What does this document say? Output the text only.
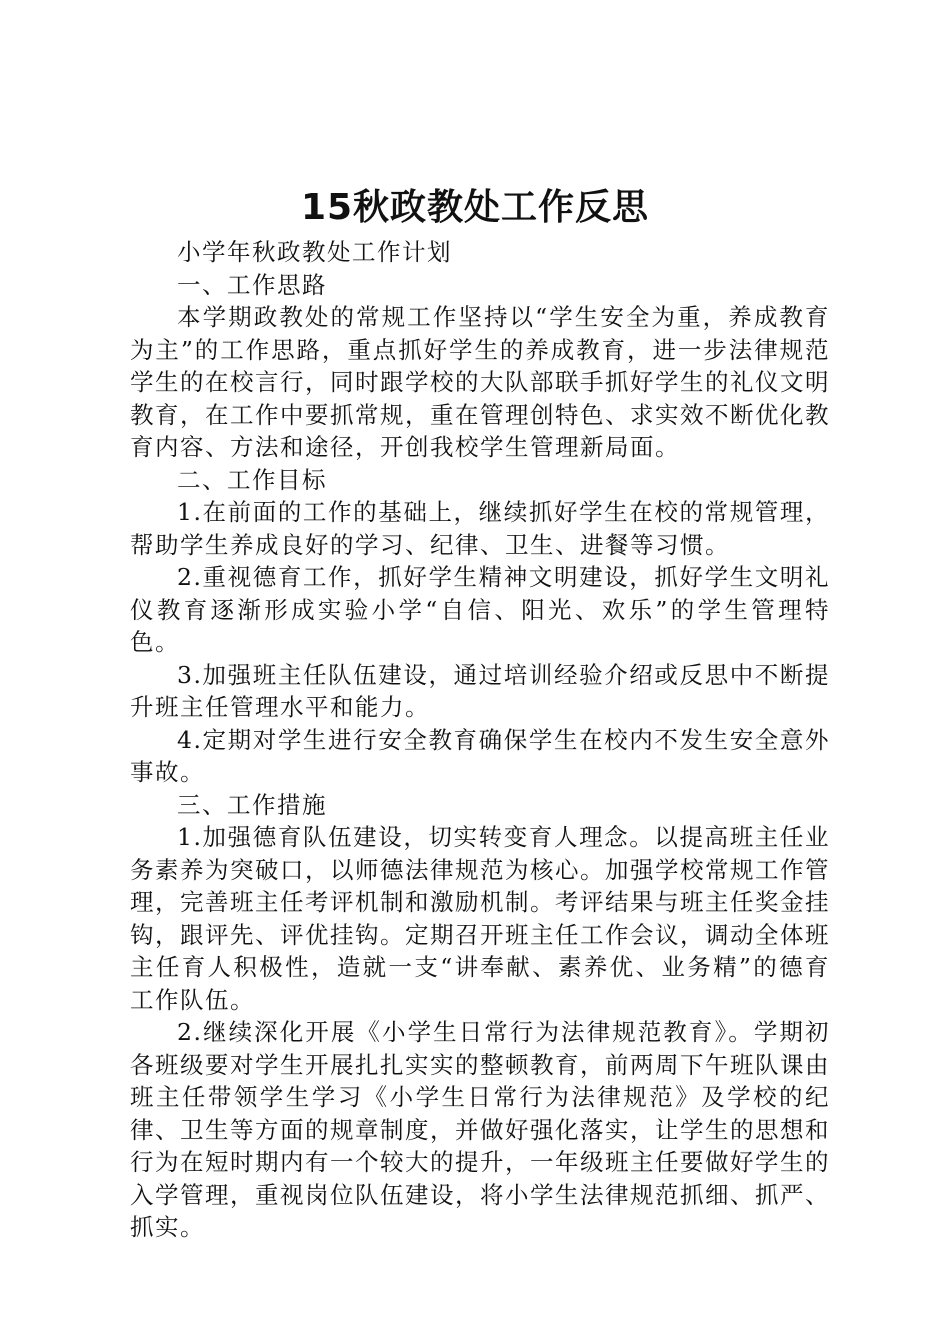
15秋政教处工作反思

小学年秋政教处工作计划

一、工作思路

本学期政教处的常规工作坚持以“学生安全为重，养成教育为主”的工作思路，重点抓好学生的养成教育，进一步法律规范学生的在校言行，同时跟学校的大队部联手抓好学生的礼仪文明教育，在工作中要抓常规，重在管理创特色、求实效不断优化教育内容、方法和途径，开创我校学生管理新局面。

二、工作目标

1.在前面的工作的基础上，继续抓好学生在校的常规管理，帮助学生养成良好的学习、纪律、卫生、进餐等习惯。

2.重视德育工作，抓好学生精神文明建设，抓好学生文明礼仪教育逐渐形成实验小学“自信、阳光、欢乐”的学生管理特色。

3.加强班主任队伍建设，通过培训经验介绍或反思中不断提升班主任管理水平和能力。

4.定期对学生进行安全教育确保学生在校内不发生安全意外事故。

三、工作措施

1.加强德育队伍建设，切实转变育人理念。以提高班主任业务素养为突破口，以师德法律规范为核心。加强学校常规工作管理，完善班主任考评机制和激励机制。考评结果与班主任奖金挂钩，跟评先、评优挂钩。定期召开班主任工作会议，调动全体班主任育人积极性，造就一支“讲奉献、素养优、业务精”的德育工作队伍。

2.继续深化开展《小学生日常行为法律规范教育》。学期初各班级要对学生开展扎扎实实的整顿教育，前两周下午班队课由班主任带领学生学习《小学生日常行为法律规范》及学校的纪律、卫生等方面的规章制度，并做好强化落实，让学生的思想和行为在短时期内有一个较大的提升，一年级班主任要做好学生的入学管理，重视岗位队伍建设，将小学生法律规范抓细、抓严、抓实。
